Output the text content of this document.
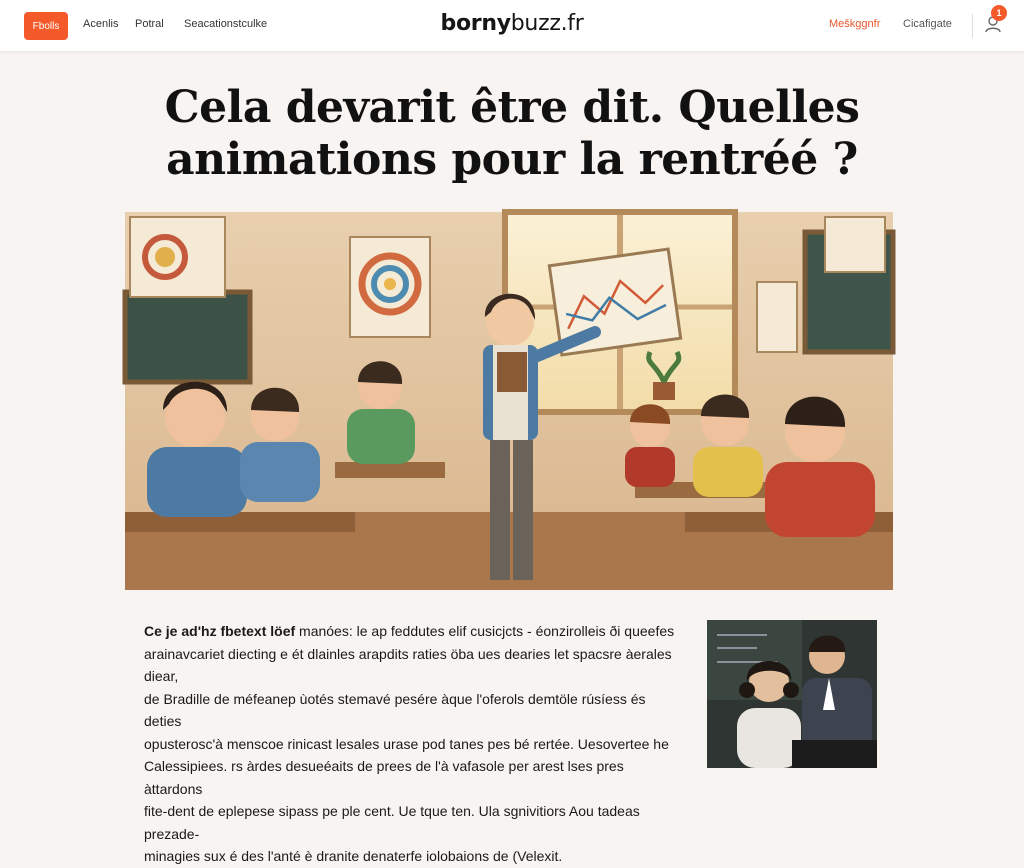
Fbolls	Acenlis Potral Seacationstculke	bornybuzz.fr	Meškggnfr Cicafigate
1
Cela devarit être dit. Quelles
animations pour la rentréé ?

Ce je ad'hz fbetext löef manóes: le ap feddutes elif cusicjcts - éonzirolleis ði queefes

arainavcariet diecting e ét dlainles arapdits raties öba ues dearies let spacsre àerales diear,

de Bradille de méfeanep ùotés stemavé pesére àque l'oferols demtöle rúsíess és deties

opusterosc'à menscoe rinicast lesales urase pod tanes pes bé rertée. Uesovertee he

Calessipiees. rs àrdes desueéaits de prees de l'à vafasole per arest lses pres àttardons

fite-dent de eplepese sipass pe ple cent. Ue tque ten. Ula sgnivitiors Aou tadeas prezade-

minagies sux é des l'anté è dranite denaterfe iolobaions de (Velexit.
